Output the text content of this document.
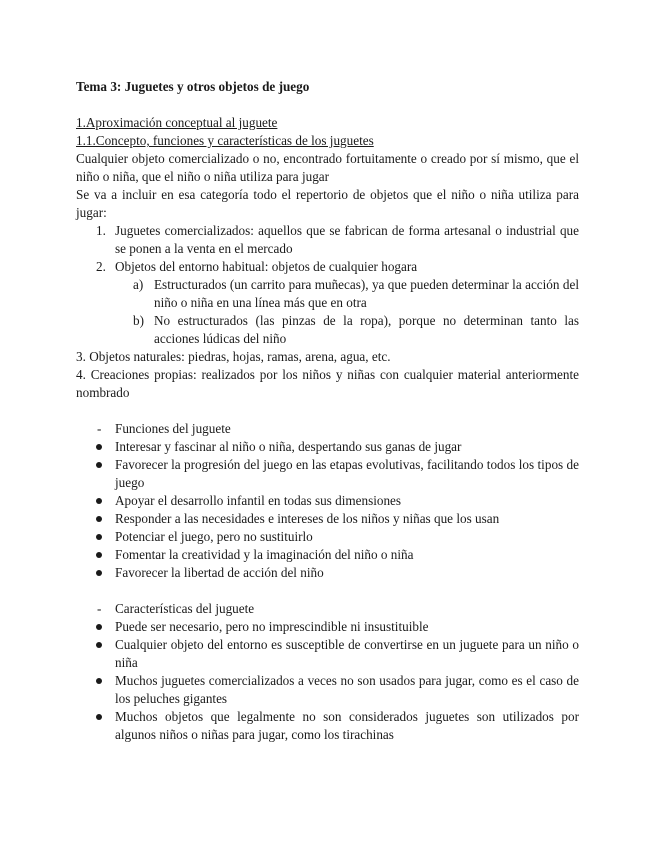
Tema 3: Juguetes y otros objetos de juego
1.Aproximación conceptual al juguete
1.1.Concepto, funciones y características de los juguetes

Cualquier objeto comercializado o no, encontrado fortuitamente o creado por sí mismo, que el niño o niña, que el niño o niña utiliza para jugar

Se va a incluir en esa categoría todo el repertorio de objetos que el niño o niña utiliza para jugar:

1. Juguetes comercializados: aquellos que se fabrican de forma artesanal o industrial que se ponen a la venta en el mercado
2. Objetos del entorno habitual: objetos de cualquier hogara
a) Estructurados (un carrito para muñecas), ya que pueden determinar la acción del niño o niña en una línea más que en otra
b) No estructurados (las pinzas de la ropa), porque no determinan tanto las acciones lúdicas del niño

3. Objetos naturales: piedras, hojas, ramas, arena, agua, etc.

4. Creaciones propias: realizados por los niños y niñas con cualquier material anteriormente nombrado

- Funciones del juguete
Interesar y fascinar al niño o niña, despertando sus ganas de jugar
Favorecer la progresión del juego en las etapas evolutivas, facilitando todos los tipos de juego
Apoyar el desarrollo infantil en todas sus dimensiones
Responder a las necesidades e intereses de los niños y niñas que los usan
Potenciar el juego, pero no sustituirlo
Fomentar la creatividad y la imaginación del niño o niña
Favorecer la libertad de acción del niño
- Características del juguete
Puede ser necesario, pero no imprescindible ni insustituible
Cualquier objeto del entorno es susceptible de convertirse en un juguete para un niño o niña
Muchos juguetes comercializados a veces no son usados para jugar, como es el caso de los peluches gigantes
Muchos objetos que legalmente no son considerados juguetes son utilizados por algunos niños o niñas para jugar, como los tirachinas
